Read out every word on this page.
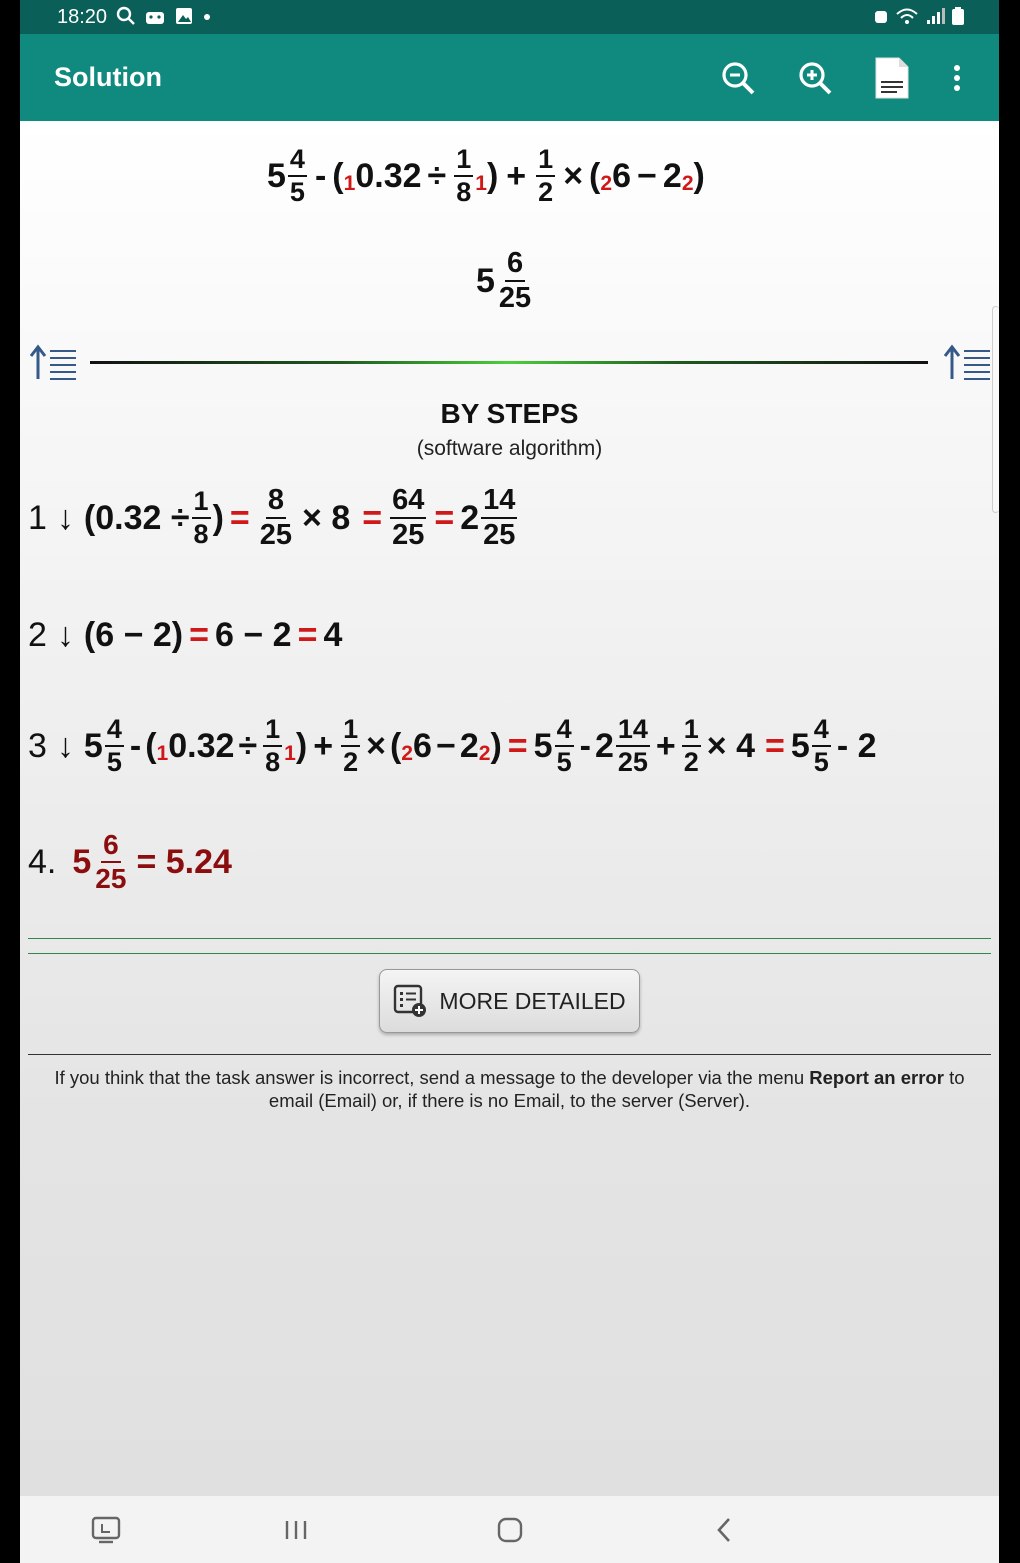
18:20
Solution
$5 \frac{4}{5}$ - ( 1 $0.32 \div \frac{1}{8} 1$ ) + $\frac{1}{2}$ × ( 2 6 − 2 2 )
$5 \frac{6}{25}$
BY STEPS
(software algorithm)
1 ↓ ($0.32 \div \frac{1}{8}$ ) = $\frac{8}{25} \times 8 = \frac{64}{25} = 2 \frac{14}{25}$
2 ↓ (6 − 2) = 6 − 2 = 4
3 ↓ $5 \frac{4}{5}$ - ( 1 $0.32 \div \frac{1}{8} 1$ ) + $\frac{1}{2}$ × ( 2 6 − 2 2 ) = $5 \frac{4}{5} - 2 \frac{14}{25} + \frac{1}{2} \times 4 = 5 \frac{4}{5} - 2$
4. $5 \frac{6}{25} = 5.24$
MORE DETAILED
If you think that the task answer is incorrect, send a message to the developer via the menu Report an error to email (Email) or, if there is no Email, to the server (Server).
